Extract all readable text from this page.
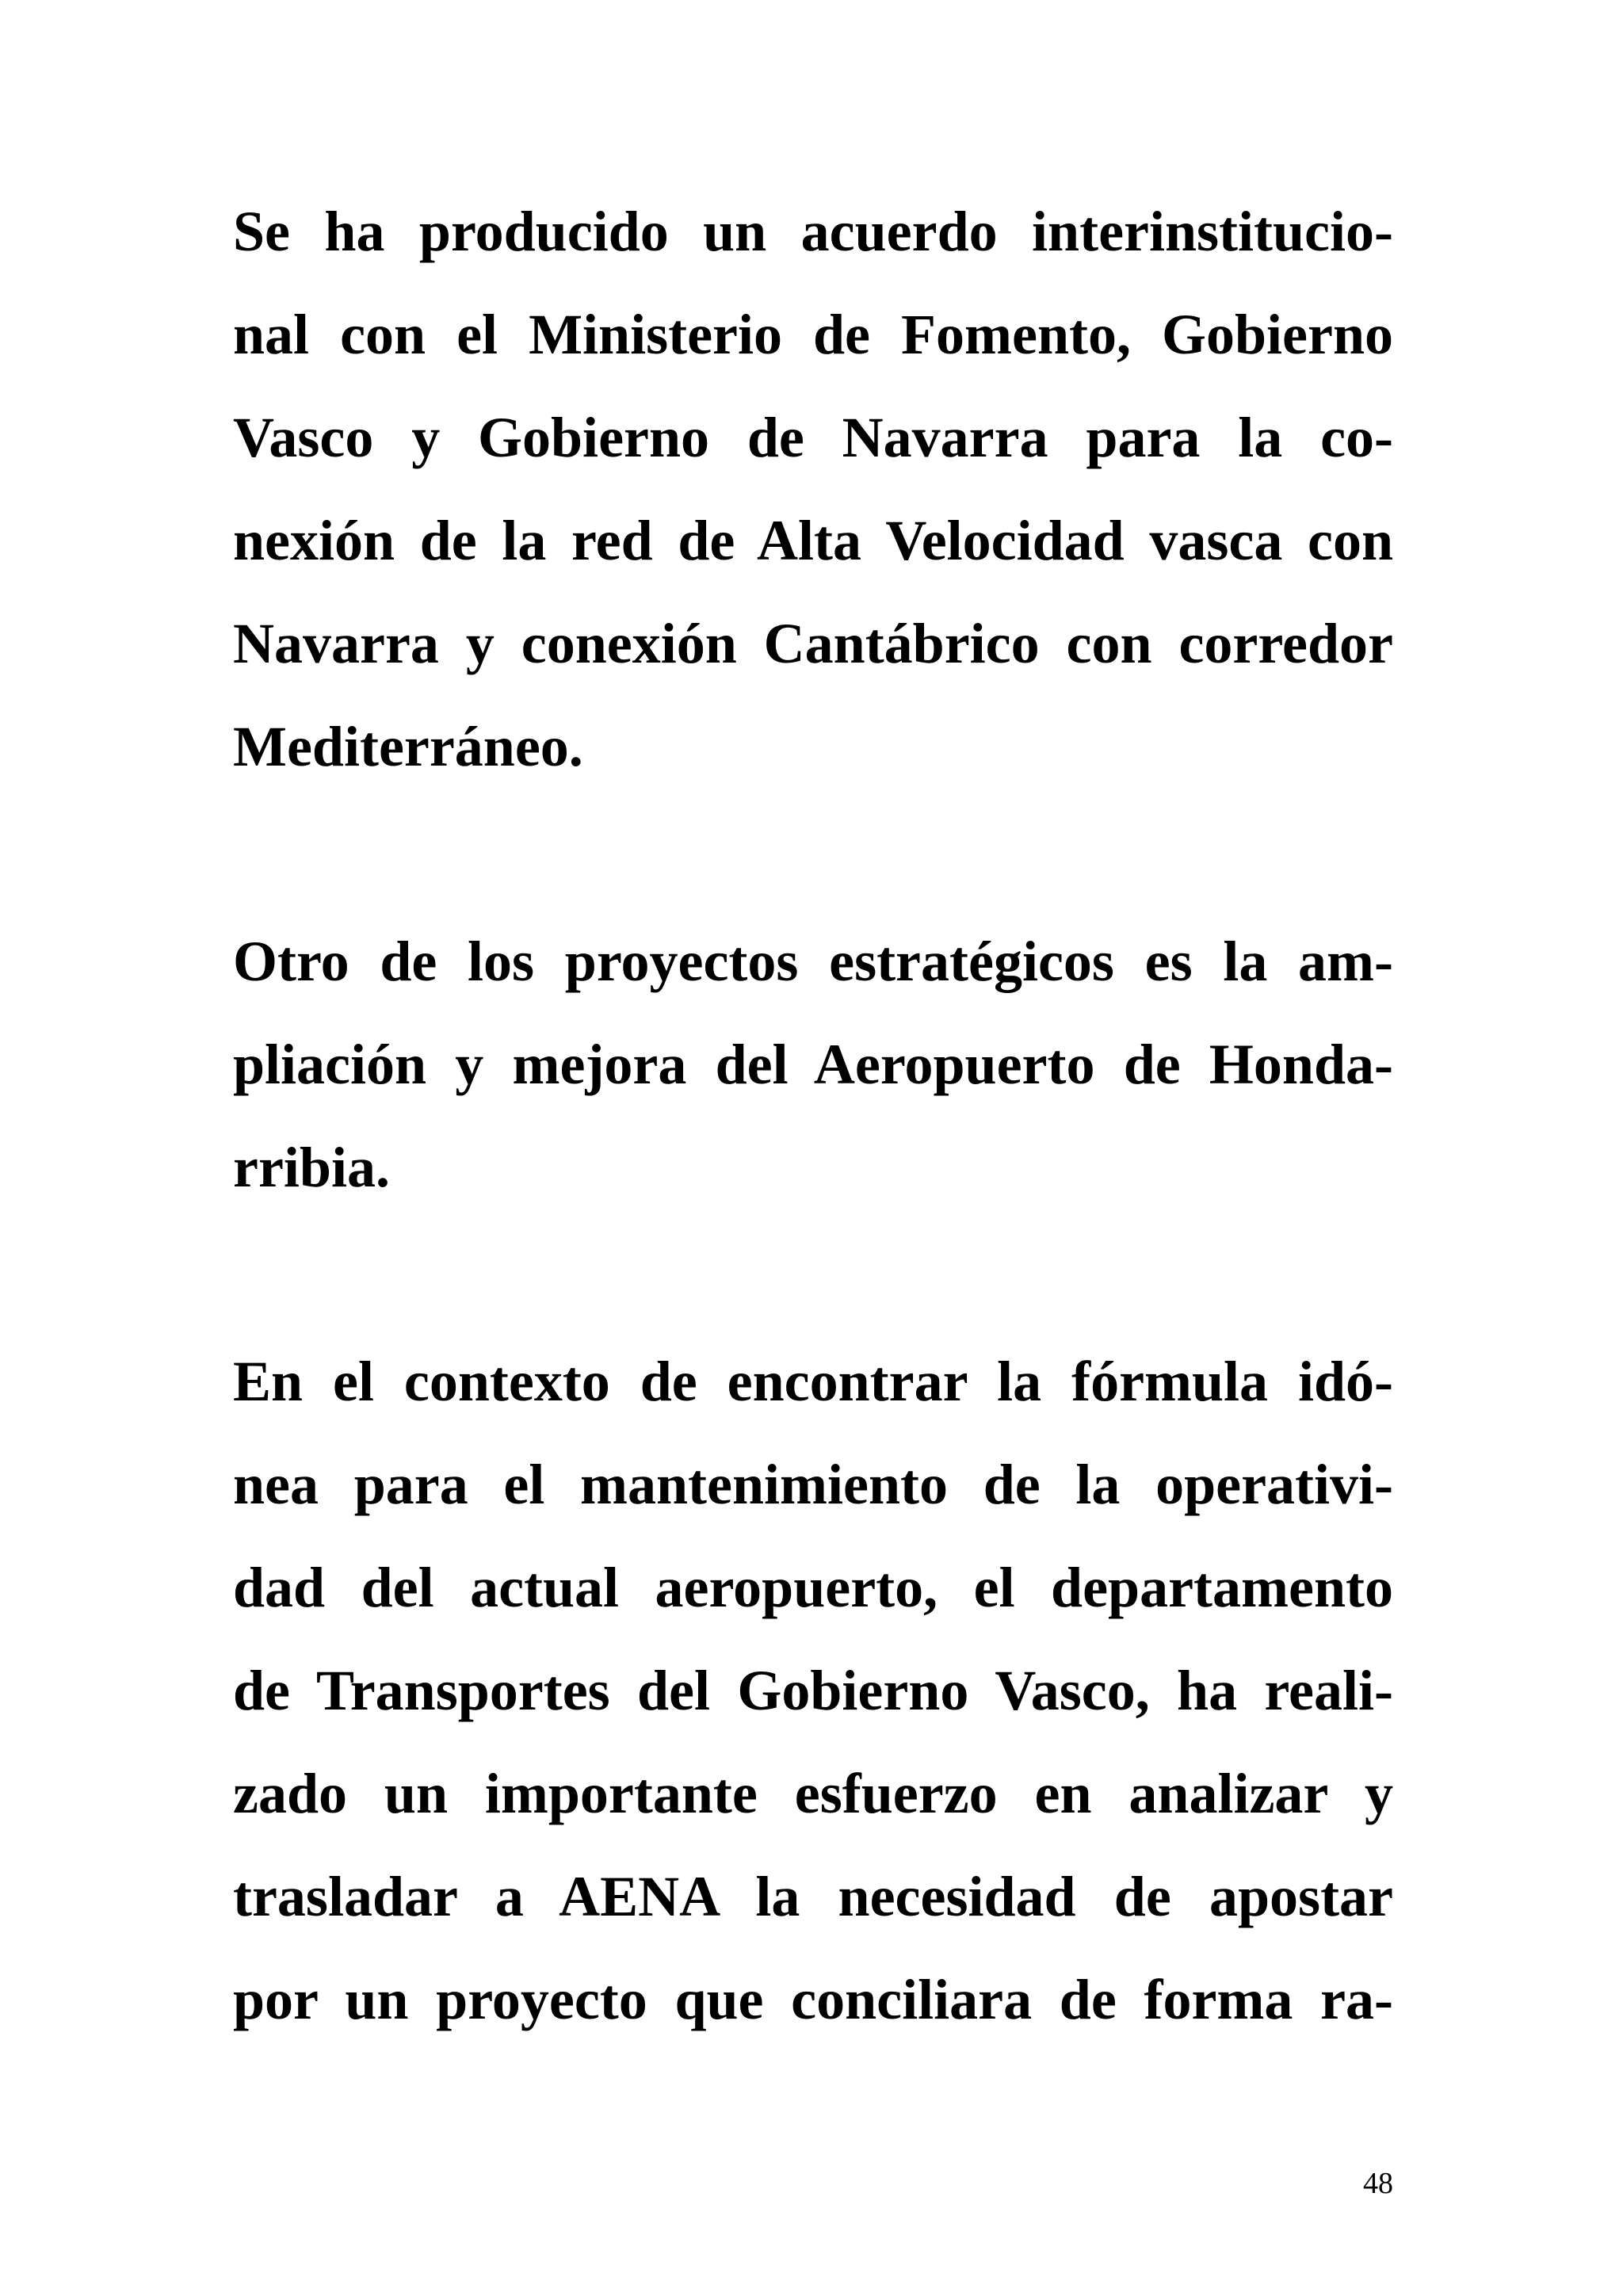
Se ha producido un acuerdo interinstitucio-
nal con el Ministerio de Fomento, Gobierno
Vasco y Gobierno de Navarra para la co-
nexión de la red de Alta Velocidad vasca con
Navarra y conexión Cantábrico con corredor
Mediterráneo.
Otro de los proyectos estratégicos es la am-
pliación y mejora del Aeropuerto de Honda-
rribia.
En el contexto de encontrar la fórmula idó-
nea para el mantenimiento de la operativi-
dad del actual aeropuerto, el departamento
de Transportes del Gobierno Vasco, ha reali-
zado un importante esfuerzo en analizar y
trasladar a AENA la necesidad de apostar
por un proyecto que conciliara de forma ra-
48
